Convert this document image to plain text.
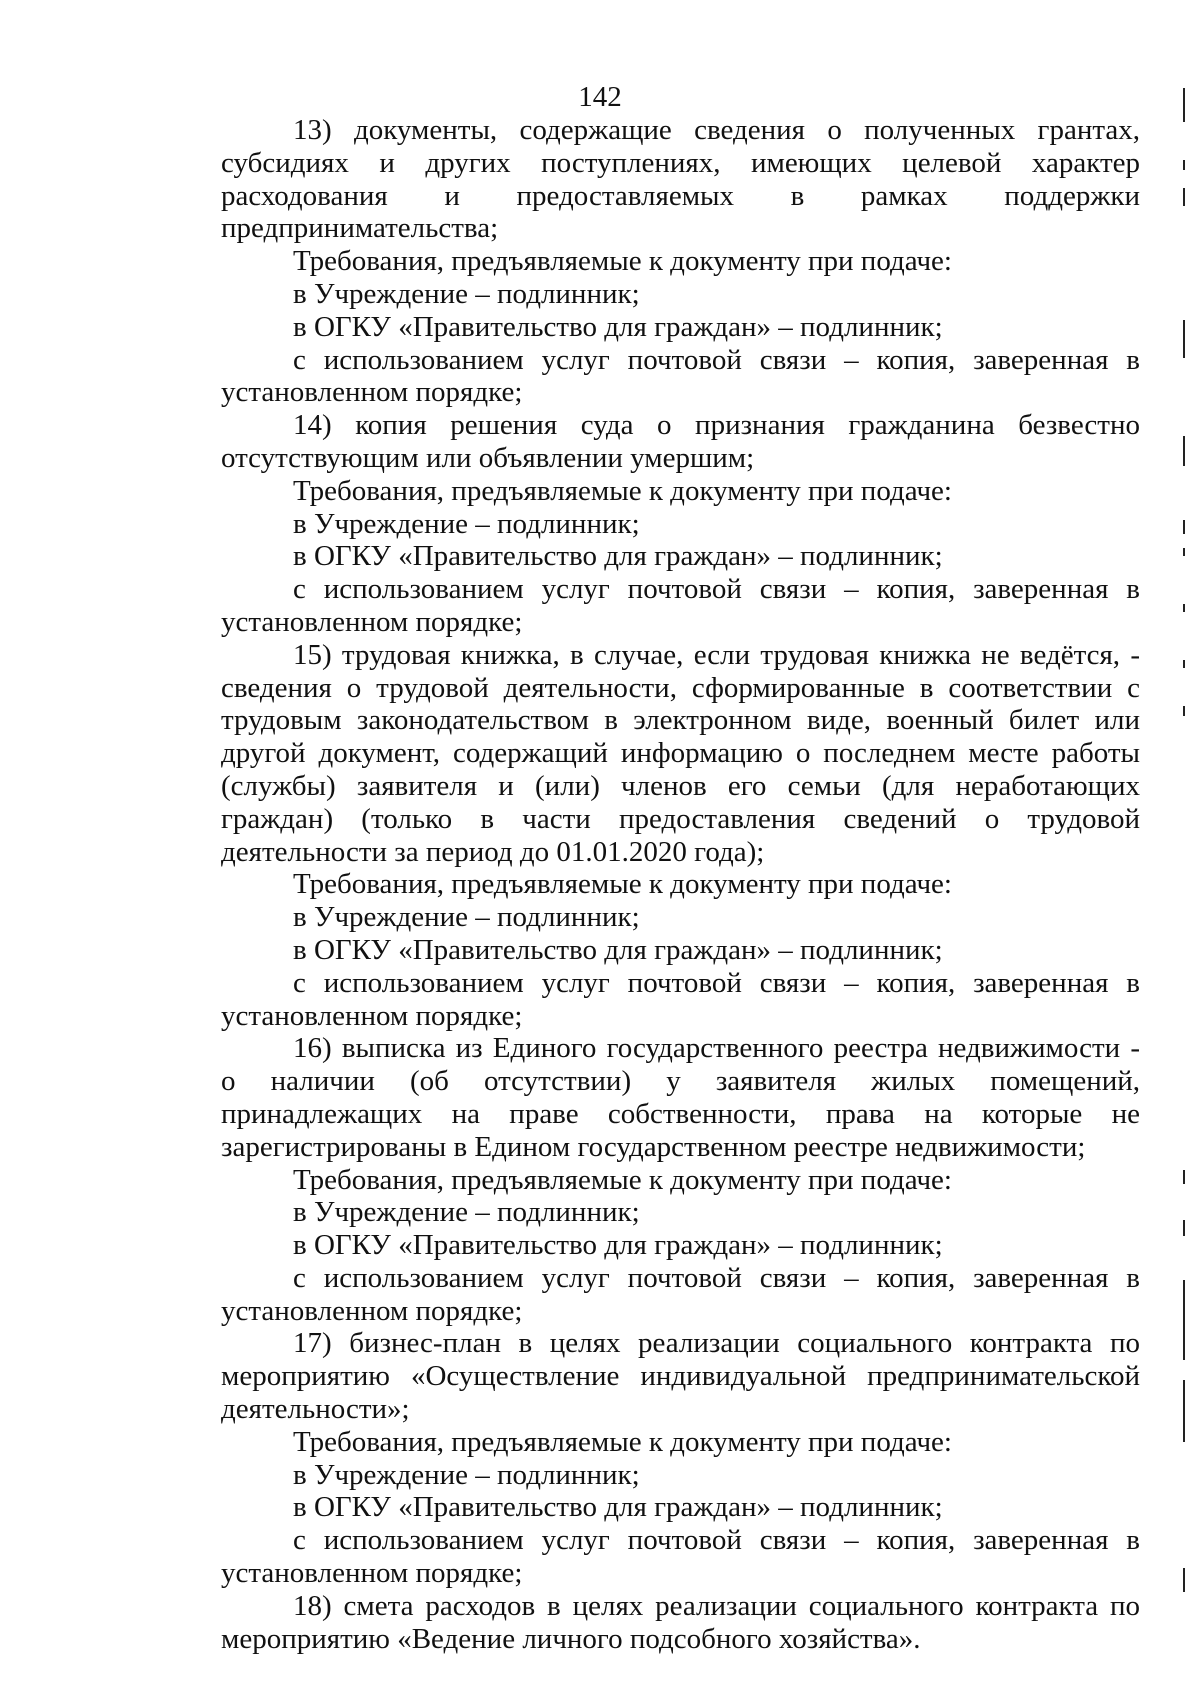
142

13) документы, содержащие сведения о полученных грантах, субсидиях и других поступлениях, имеющих целевой характер расходования и предоставляемых в рамках поддержки предпринимательства;

Требования, предъявляемые к документу при подаче:

в Учреждение – подлинник;

в ОГКУ «Правительство для граждан» – подлинник;

с использованием услуг почтовой связи – копия, заверенная в установленном порядке;

14) копия решения суда о признания гражданина безвестно отсутствующим или объявлении умершим;

Требования, предъявляемые к документу при подаче:

в Учреждение – подлинник;

в ОГКУ «Правительство для граждан» – подлинник;

с использованием услуг почтовой связи – копия, заверенная в установленном порядке;

15) трудовая книжка, в случае, если трудовая книжка не ведётся, - сведения о трудовой деятельности, сформированные в соответствии с трудовым законодательством в электронном виде, военный билет или другой документ, содержащий информацию о последнем месте работы (службы) заявителя и (или) членов его семьи (для неработающих граждан) (только в части предоставления сведений о трудовой деятельности за период до 01.01.2020 года);

Требования, предъявляемые к документу при подаче:

в Учреждение – подлинник;

в ОГКУ «Правительство для граждан» – подлинник;

с использованием услуг почтовой связи – копия, заверенная в установленном порядке;

16) выписка из Единого государственного реестра недвижимости - о наличии (об отсутствии) у заявителя жилых помещений, принадлежащих на праве собственности, права на которые не зарегистрированы в Едином государственном реестре недвижимости;

Требования, предъявляемые к документу при подаче:

в Учреждение – подлинник;

в ОГКУ «Правительство для граждан» – подлинник;

с использованием услуг почтовой связи – копия, заверенная в установленном порядке;

17) бизнес-план в целях реализации социального контракта по мероприятию «Осуществление индивидуальной предпринимательской деятельности»;

Требования, предъявляемые к документу при подаче:

в Учреждение – подлинник;

в ОГКУ «Правительство для граждан» – подлинник;

с использованием услуг почтовой связи – копия, заверенная в установленном порядке;

18) смета расходов в целях реализации социального контракта по мероприятию «Ведение личного подсобного хозяйства».
